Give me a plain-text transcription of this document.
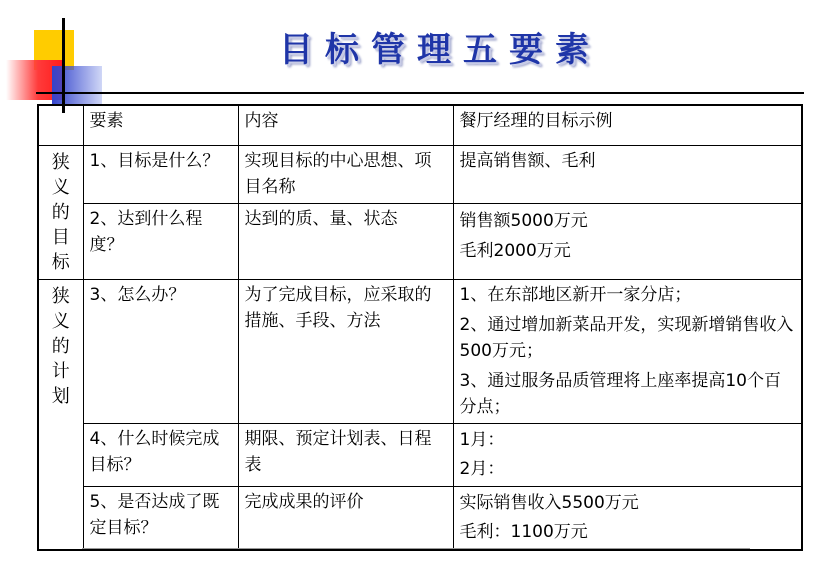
目标管理五要素
	要素	内容	餐厅经理的目标示例

狭
义
的
目
标	1、目标是什么？	实现目标的中心思想、项目名称	提高销售额、毛利

	2、达到什么程度？	达到的质、量、状态	销售额5000万元
毛利2000万元

狭
义
的
计
划	3、怎么办？	为了完成目标，应采取的措施、手段、方法	1、在东部地区新开一家分店；
2、通过增加新菜品开发，实现新增销售收入500万元；
3、通过服务品质管理将上座率提高10个百分点；

	4、什么时候完成目标？	期限、预定计划表、日程表	1月：
2月：

	5、是否达成了既定目标？	完成成果的评价	实际销售收入5500万元
毛利：1100万元
